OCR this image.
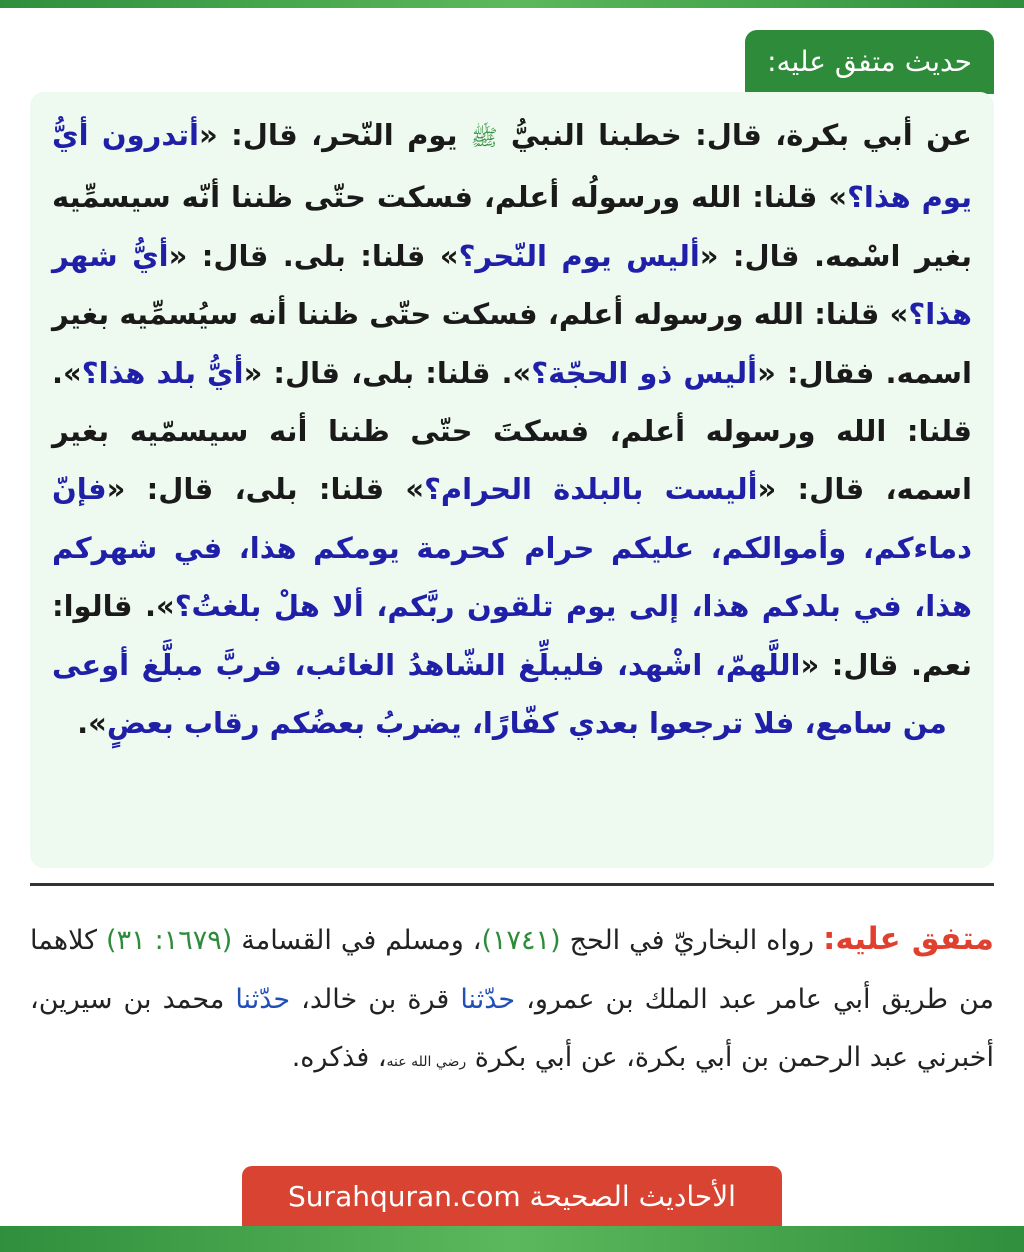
حديث متفق عليه:

عن أبي بكرة، قال: خطبنا النبيُّ ﷺ يوم النّحر، قال: «أتدرون أيُّ يوم هذا؟» قلنا: الله ورسولُه أعلم، فسكت حتّى ظننا أنّه سيسمِّيه بغير اسْمه. قال: «أليس يوم النّحر؟» قلنا: بلى. قال: «أيُّ شهر هذا؟» قلنا: الله ورسوله أعلم، فسكت حتّى ظننا أنه سيُسمِّيه بغير اسمه. فقال: «أليس ذو الحجّة؟». قلنا: بلى، قال: «أيُّ بلد هذا؟». قلنا: الله ورسوله أعلم، فسكتَ حتّى ظننا أنه سيسمّيه بغير اسمه، قال: «أليست بالبلدة الحرام؟» قلنا: بلى، قال: «فإنّ دماءكم، وأموالكم، عليكم حرام كحرمة يومكم هذا، في شهركم هذا، في بلدكم هذا، إلى يوم تلقون ربَّكم، ألا هلْ بلغتُ؟». قالوا: نعم. قال: «اللَّهمّ، اشْهد، فليبلِّغ الشّاهدُ الغائب، فربَّ مبلَّغ أوعى من سامع، فلا ترجعوا بعدي كفّارًا، يضربُ بعضُكم رقاب بعضٍ».

متفق عليه: رواه البخاريّ في الحج (١٧٤١)، ومسلم في القسامة (١٦٧٩: ٣١) كلاهما من طريق أبي عامر عبد الملك بن عمرو، حدّثنا قرة بن خالد، حدّثنا محمد بن سيرين، أخبرني عبد الرحمن بن أبي بكرة، عن أبي بكرة رضي الله عنه، فذكره.

الأحاديث الصحيحة Surahquran.com
